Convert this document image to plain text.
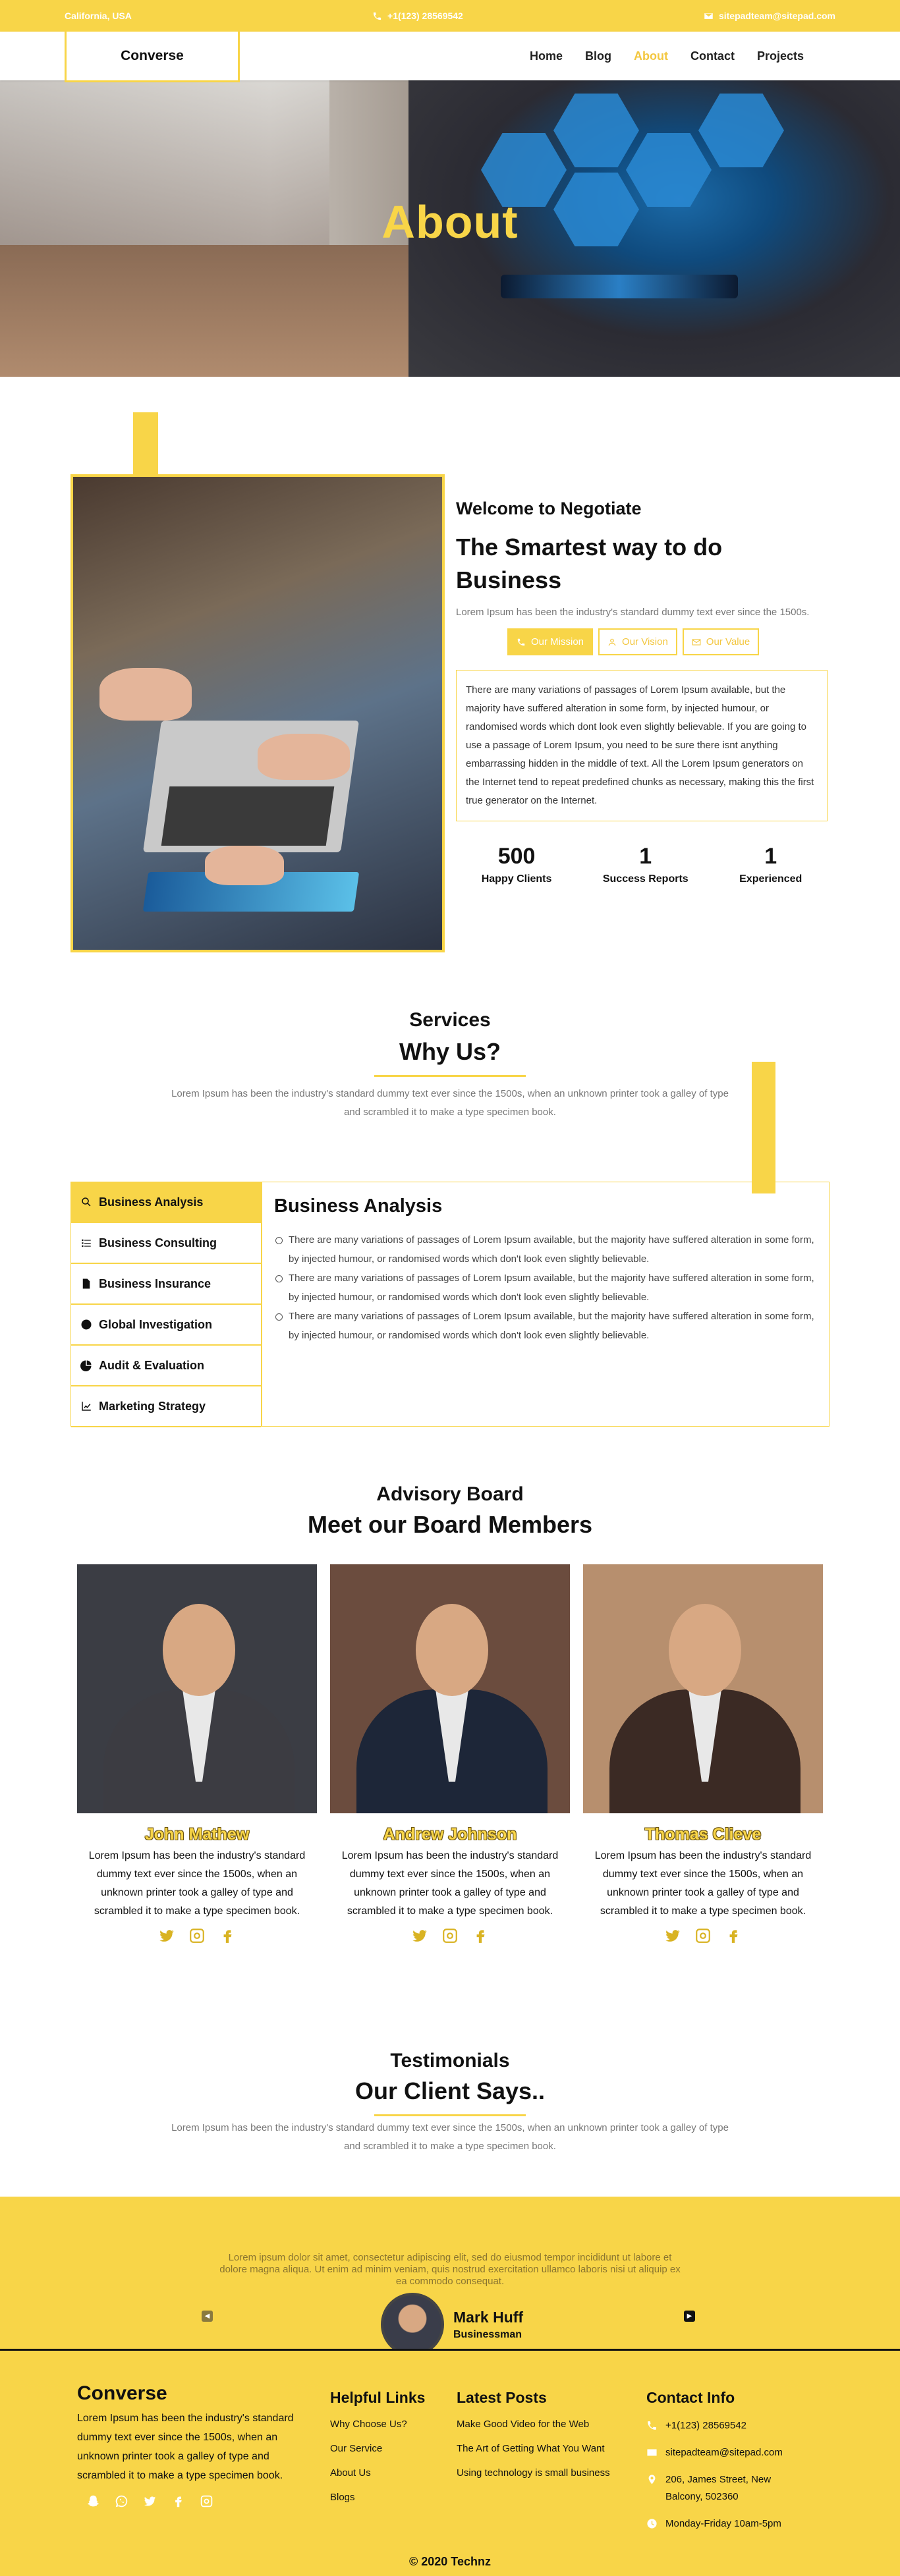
California, USA	+1(123) 28569542	sitepadteam@sitepad.com
Converse	Home Blog About Contact Projects
About
Welcome to Negotiate
The Smartest way to do Business
Lorem Ipsum has been the industry's standard dummy text ever since the 1500s.
Our Mission	Our Vision	Our Value
There are many variations of passages of Lorem Ipsum available, but the majority have suffered alteration in some form, by injected humour, or randomised words which dont look even slightly believable. If you are going to use a passage of Lorem Ipsum, you need to be sure there isnt anything embarrassing hidden in the middle of text. All the Lorem Ipsum generators on the Internet tend to repeat predefined chunks as necessary, making this the first true generator on the Internet.
500
Happy Clients
1
Success Reports
1
Experienced
Services
Why Us?
Lorem Ipsum has been the industry's standard dummy text ever since the 1500s, when an unknown printer took a galley of type and scrambled it to make a type specimen book.
Business Analysis
Business Consulting
Business Insurance
Global Investigation
Audit & Evaluation
Marketing Strategy
Business Analysis
There are many variations of passages of Lorem Ipsum available, but the majority have suffered alteration in some form, by injected humour, or randomised words which don't look even slightly believable.
There are many variations of passages of Lorem Ipsum available, but the majority have suffered alteration in some form, by injected humour, or randomised words which don't look even slightly believable.
There are many variations of passages of Lorem Ipsum available, but the majority have suffered alteration in some form, by injected humour, or randomised words which don't look even slightly believable.
Advisory Board
Meet our Board Members
John Mathew
Lorem Ipsum has been the industry's standard dummy text ever since the 1500s, when an unknown printer took a galley of type and scrambled it to make a type specimen book.
Andrew Johnson
Lorem Ipsum has been the industry's standard dummy text ever since the 1500s, when an unknown printer took a galley of type and scrambled it to make a type specimen book.
Thomas Clieve
Lorem Ipsum has been the industry's standard dummy text ever since the 1500s, when an unknown printer took a galley of type and scrambled it to make a type specimen book.
Testimonials
Our Client Says..
Lorem Ipsum has been the industry's standard dummy text ever since the 1500s, when an unknown printer took a galley of type and scrambled it to make a type specimen book.
Lorem ipsum dolor sit amet, consectetur adipiscing elit, sed do eiusmod tempor incididunt ut labore et dolore magna aliqua. Ut enim ad minim veniam, quis nostrud exercitation ullamco laboris nisi ut aliquip ex ea commodo consequat.
◀	▶
Mark Huff
Businessman
Converse
Lorem Ipsum has been the industry's standard dummy text ever since the 1500s, when an unknown printer took a galley of type and scrambled it to make a type specimen book.
Helpful Links
Why Choose Us?
Our Service
About Us
Blogs
Latest Posts
Make Good Video for the Web
The Art of Getting What You Want
Using technology is small business
Contact Info
+1(123) 28569542
sitepadteam@sitepad.com
206, James Street, New Balcony, 502360
Monday-Friday 10am-5pm
© 2020 Technz
